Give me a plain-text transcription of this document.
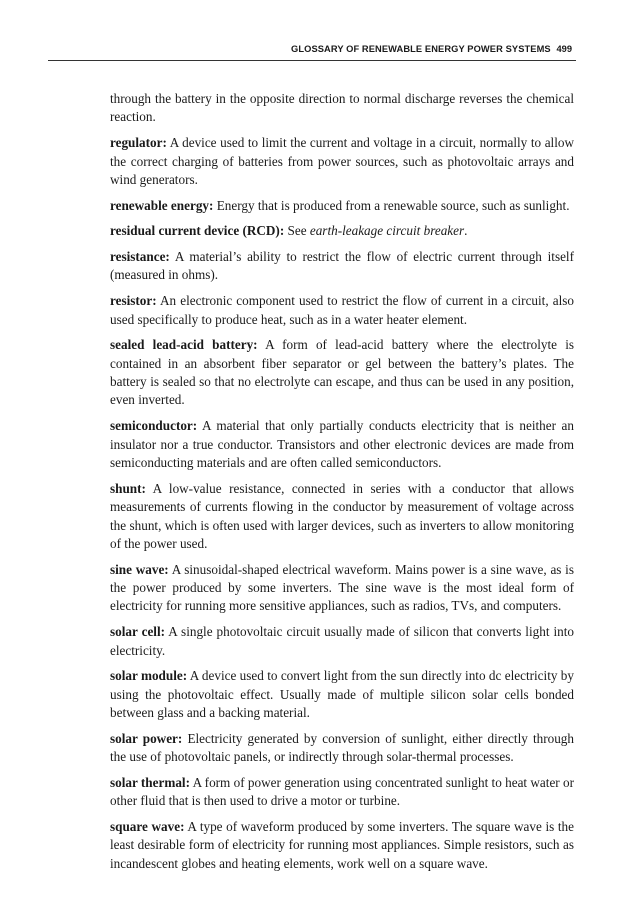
GLOSSARY OF RENEWABLE ENERGY POWER SYSTEMS 499

through the battery in the opposite direction to normal discharge reverses the chemical reaction.

regulator: A device used to limit the current and voltage in a circuit, normally to allow the correct charging of batteries from power sources, such as photovoltaic arrays and wind generators.

renewable energy: Energy that is produced from a renewable source, such as sunlight.

residual current device (RCD): See earth-leakage circuit breaker.

resistance: A material’s ability to restrict the flow of electric current through itself (measured in ohms).

resistor: An electronic component used to restrict the flow of current in a circuit, also used specifically to produce heat, such as in a water heater element.

sealed lead-acid battery: A form of lead-acid battery where the electrolyte is contained in an absorbent fiber separator or gel between the battery’s plates. The battery is sealed so that no electrolyte can escape, and thus can be used in any position, even inverted.

semiconductor: A material that only partially conducts electricity that is neither an insulator nor a true conductor. Transistors and other electronic devices are made from semiconducting materials and are often called semiconductors.

shunt: A low-value resistance, connected in series with a conductor that allows measurements of currents flowing in the conductor by measurement of voltage across the shunt, which is often used with larger devices, such as inverters to allow monitoring of the power used.

sine wave: A sinusoidal-shaped electrical waveform. Mains power is a sine wave, as is the power produced by some inverters. The sine wave is the most ideal form of electricity for running more sensitive appliances, such as radios, TVs, and computers.

solar cell: A single photovoltaic circuit usually made of silicon that converts light into electricity.

solar module: A device used to convert light from the sun directly into dc electricity by using the photovoltaic effect. Usually made of multiple silicon solar cells bonded between glass and a backing material.

solar power: Electricity generated by conversion of sunlight, either directly through the use of photovoltaic panels, or indirectly through solar-thermal processes.

solar thermal: A form of power generation using concentrated sunlight to heat water or other fluid that is then used to drive a motor or turbine.

square wave: A type of waveform produced by some inverters. The square wave is the least desirable form of electricity for running most appliances. Simple resistors, such as incandescent globes and heating elements, work well on a square wave.
